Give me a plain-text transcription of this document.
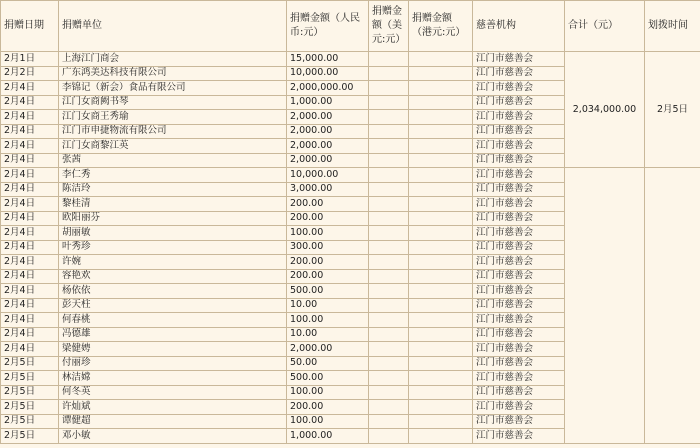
捐赠日期	捐赠单位	捐赠金额（人民币:元）	捐赠金额（美元:元）	捐赠金额（港元:元）	慈善机构	合计（元）	划拨时间
2月1日	上海江门商会	15,000.00			江门市慈善会	2,034,000.00	2月5日
2月2日	广东鸿美达科技有限公司	10,000.00			江门市慈善会		
2月4日	李锦记（新会）食品有限公司	2,000,000.00			江门市慈善会		
2月4日	江门女商阙书琴	1,000.00			江门市慈善会		
2月4日	江门女商王秀瑜	2,000.00			江门市慈善会		
2月4日	江门市申捷物流有限公司	2,000.00			江门市慈善会		
2月4日	江门女商黎江英	2,000.00			江门市慈善会		
2月4日	张茜	2,000.00			江门市慈善会		
2月4日	李仁秀	10,000.00			江门市慈善会		
2月4日	陈洁玲	3,000.00			江门市慈善会		
2月4日	黎桂清	200.00			江门市慈善会		
2月4日	欧阳丽芬	200.00			江门市慈善会		
2月4日	胡丽敏	100.00			江门市慈善会		
2月4日	叶秀珍	300.00			江门市慈善会		
2月4日	许婉	200.00			江门市慈善会		
2月4日	容艳欢	200.00			江门市慈善会		
2月4日	杨依依	500.00			江门市慈善会		
2月4日	彭天柱	10.00			江门市慈善会		
2月4日	何春桃	100.00			江门市慈善会		
2月4日	冯德雄	10.00			江门市慈善会		
2月4日	梁健娉	2,000.00			江门市慈善会		
2月5日	付丽珍	50.00			江门市慈善会		
2月5日	林洁嫦	500.00			江门市慈善会		
2月5日	何冬英	100.00			江门市慈善会		
2月5日	许灿斌	200.00			江门市慈善会		
2月5日	谭健超	100.00			江门市慈善会		
2月5日	邓小敏	1,000.00			江门市慈善会		
